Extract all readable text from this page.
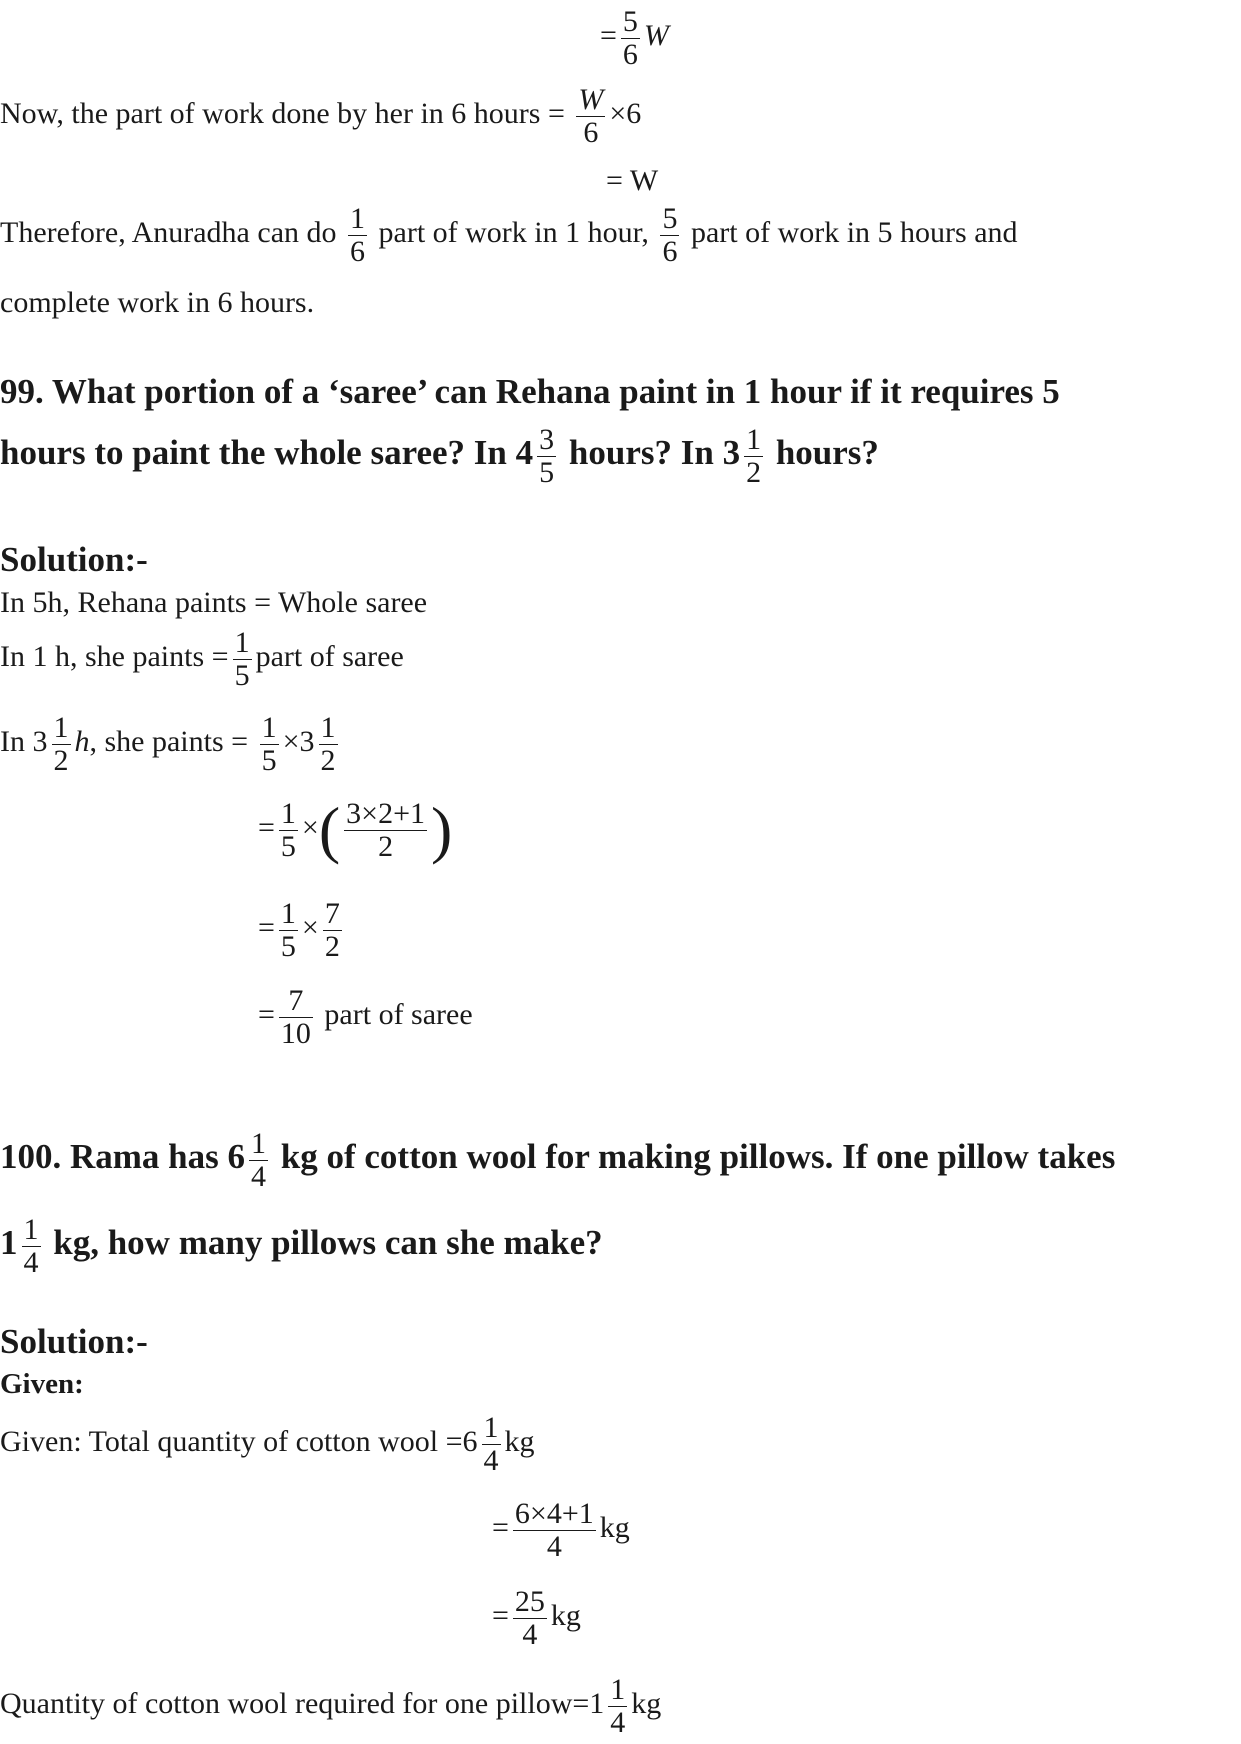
= $\frac{5}{6}$ W
Now, the part of work done by her in 6 hours = $\frac{W}{6} \times 6$
= W
Therefore, Anuradha can do $\frac{1}{6}$ part of work in 1 hour, $\frac{5}{6}$ part of work in 5 hours and
complete work in 6 hours.
99. What portion of a ‘saree’ can Rehana paint in 1 hour if it requires 5
hours to paint the whole saree? In $4 \frac{3}{5}$ hours? In $3 \frac{1}{2}$ hours?
Solution:-
In 5h, Rehana paints = Whole saree
In 1 h, she paints = $\frac{1}{5}$ part of saree
In $3 \frac{1}{2} h$, she paints = $\frac{1}{5} \times 3 \frac{1}{2}$
= $\frac{1}{5}$ ×( $\frac{3\times 2+1}{2}$ )
= $\frac{1}{5} \times \frac{7}{2}$
= $\frac{7}{10}$ part of saree
100. Rama has $6 \frac{1}{4}$ kg of cotton wool for making pillows. If one pillow takes
$1 \frac{1}{4}$ kg, how many pillows can she make?
Solution:-
Given:
Given: Total quantity of cotton wool $=6 \frac{1}{4}$ kg
= $\frac{6\times 4+1}{4}$ kg
= $\frac{25}{4}$ kg
Quantity of cotton wool required for one pillow=1 $\frac{1}{4}$ kg
